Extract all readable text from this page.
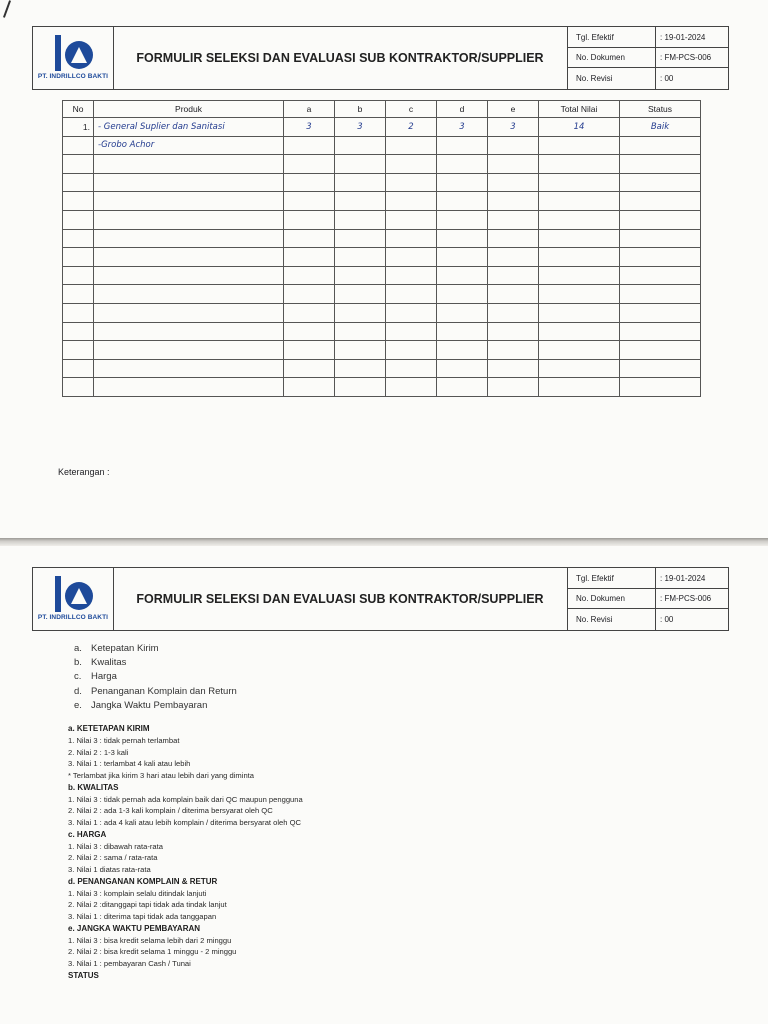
PT. INDRILLCO BAKTI
FORMULIR SELEKSI DAN EVALUASI SUB KONTRAKTOR/SUPPLIER
Tgl. Efektif	: 19-01-2024
No. Dokumen	: FM-PCS-006
No. Revisi	: 00
No	Produk	a	b	c	d	e	Total Nilai	Status
1.	- General Suplier dan Sanitasi	3	3	2	3	3	14	Baik
	-Grobo Achor							

Keterangan :
PT. INDRILLCO BAKTI
FORMULIR SELEKSI DAN EVALUASI SUB KONTRAKTOR/SUPPLIER
Tgl. Efektif	: 19-01-2024
No. Dokumen	: FM-PCS-006
No. Revisi	: 00
a. Ketepatan Kirim
b. Kwalitas
c. Harga
d. Penanganan Komplain dan Return
e. Jangka Waktu Pembayaran
a. KETETAPAN KIRIM
1. Nilai 3 : tidak pernah terlambat
2. Nilai 2 : 1-3 kali
3. Nilai 1 : terlambat 4 kali atau lebih
* Terlambat jika kirim 3 hari atau lebih dari yang diminta
b. KWALITAS
1. Nilai 3 : tidak pernah ada komplain baik dari QC maupun pengguna
2. Nilai 2 : ada 1-3 kali komplain / diterima bersyarat oleh QC
3. Nilai 1 : ada 4 kali atau lebih komplain / diterima bersyarat oleh QC
c. HARGA
1. Nilai 3 : dibawah rata-rata
2. Nilai 2 : sama / rata-rata
3. Nilai 1 diatas rata-rata
d. PENANGANAN KOMPLAIN & RETUR
1. Nilai 3 : komplain selalu ditindak lanjuti
2. Nilai 2 :ditanggapi tapi tidak ada tindak lanjut
3. Nilai 1 : diterima tapi tidak ada tanggapan
e. JANGKA WAKTU PEMBAYARAN
1. Nilai 3 : bisa kredit selama lebih dari 2 minggu
2. Nilai 2 : bisa kredit selama 1 minggu - 2 minggu
3. Nilai 1 : pembayaran Cash / Tunai
STATUS
